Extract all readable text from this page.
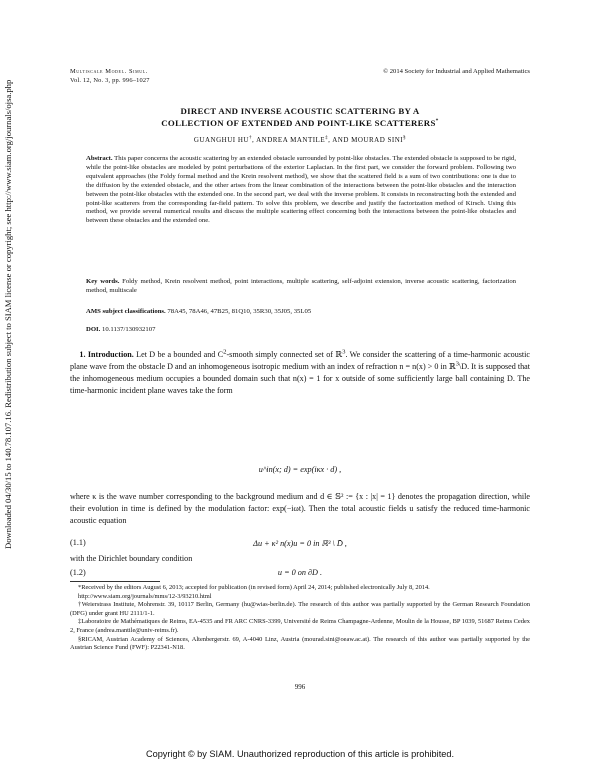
Downloaded 04/30/15 to 140.78.107.16. Redistribution subject to SIAM license or copyright; see http://www.siam.org/journals/ojsa.php
Multiscale Model. Simul.
Vol. 12, No. 3, pp. 996–1027
© 2014 Society for Industrial and Applied Mathematics
DIRECT AND INVERSE ACOUSTIC SCATTERING BY A
COLLECTION OF EXTENDED AND POINT-LIKE SCATTERERS*
GUANGHUI HU†, ANDREA MANTILE‡, AND MOURAD SINI§
Abstract. This paper concerns the acoustic scattering by an extended obstacle surrounded by point-like obstacles. The extended obstacle is supposed to be rigid, while the point-like obstacles are modeled by point perturbations of the exterior Laplacian. In the first part, we consider the forward problem. Following two equivalent approaches (the Foldy formal method and the Krein resolvent method), we show that the scattered field is a sum of two contributions: one is due to the diffusion by the extended obstacle, and the other arises from the linear combination of the interactions between the point-like obstacles and the interaction between the point-like obstacles with the extended one. In the second part, we deal with the inverse problem. It consists in reconstructing both the extended and point-like scatterers from the corresponding far-field pattern. To solve this problem, we describe and justify the factorization method of Kirsch. Using this method, we provide several numerical results and discuss the multiple scattering effect concerning both the interactions between the point-like obstacles and between these obstacles and the extended one.
Key words. Foldy method, Krein resolvent method, point interactions, multiple scattering, self-adjoint extension, inverse acoustic scattering, factorization method, multiscale
AMS subject classifications. 78A45, 78A46, 47B25, 81Q10, 35R30, 35J05, 35L05
DOI. 10.1137/130932107
1. Introduction. Let D be a bounded and $C^2$-smooth simply connected set of ℝ$^3$. We consider the scattering of a time-harmonic acoustic plane wave from the obstacle D and an inhomogeneous isotropic medium with an index of refraction n = n(x) > 0 in ℝ$^3$\D. It is supposed that the inhomogeneous medium occupies a bounded domain such that n(x) = 1 for x outside of some sufficiently large ball containing D. The time-harmonic incident plane waves take the form
u^in(x; d) = exp(iκx · d) ,
where κ is the wave number corresponding to the background medium and d ∈ 𝕊² := {x : |x| = 1} denotes the propagation direction, while their evolution in time is defined by the modulation factor: exp(−iωt). Then the total acoustic fields u satisfy the reduced time-harmonic acoustic equation
(1.1)	Δu + κ² n(x)u = 0 in ℝ³ \ D̄ ,
with the Dirichlet boundary condition
(1.2)	u = 0 on ∂D .

*Received by the editors August 6, 2013; accepted for publication (in revised form) April 24, 2014; published electronically July 8, 2014.

http://www.siam.org/journals/mms/12-3/93210.html

†Weierstrass Institute, Mohrenstr. 39, 10117 Berlin, Germany (hu@wias-berlin.de). The research of this author was partially supported by the German Research Foundation (DFG) under grant HU 2111/1-1.

‡Laboratoire de Mathématiques de Reims, EA-4535 and FR ARC CNRS-3399, Université de Reims Champagne-Ardenne, Moulin de la Housse, BP 1039, 51687 Reims Cedex 2, France (andrea.mantile@univ-reims.fr).

§RICAM, Austrian Academy of Sciences, Altenbergerstr. 69, A-4040 Linz, Austria (mourad.sini@oeaw.ac.at). The research of this author was partially supported by the Austrian Science Fund (FWF): P22341-N18.

996
Copyright © by SIAM. Unauthorized reproduction of this article is prohibited.
